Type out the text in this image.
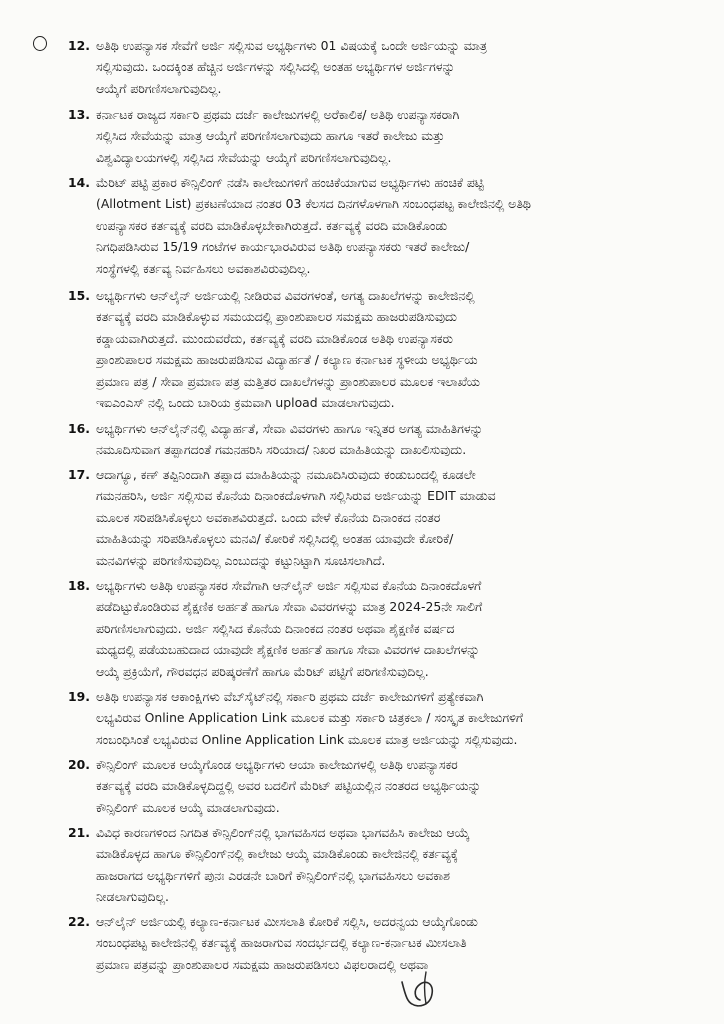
12. ಅತಿಥಿ ಉಪನ್ಯಾಸಕ ಸೇವೆಗೆ ಅರ್ಜಿ ಸಲ್ಲಿಸುವ ಅಭ್ಯರ್ಥಿಗಳು 01 ವಿಷಯಕ್ಕೆ ಒಂದೇ ಅರ್ಜಿಯನ್ನು ಮಾತ್ರ
ಸಲ್ಲಿಸುವುದು. ಒಂದಕ್ಕಿಂತ ಹೆಚ್ಚಿನ ಅರ್ಜಿಗಳನ್ನು ಸಲ್ಲಿಸಿದಲ್ಲಿ ಅಂತಹ ಅಭ್ಯರ್ಥಿಗಳ ಅರ್ಜಿಗಳನ್ನು
ಆಯ್ಕೆಗೆ ಪರಿಗಣಿಸಲಾಗುವುದಿಲ್ಲ.
13. ಕರ್ನಾಟಕ ರಾಜ್ಯದ ಸರ್ಕಾರಿ ಪ್ರಥಮ ದರ್ಜೆ ಕಾಲೇಜುಗಳಲ್ಲಿ ಅರೆಕಾಲಿಕ/ ಅತಿಥಿ ಉಪನ್ಯಾಸಕರಾಗಿ
ಸಲ್ಲಿಸಿದ ಸೇವೆಯನ್ನು ಮಾತ್ರ ಆಯ್ಕೆಗೆ ಪರಿಗಣಿಸಲಾಗುವುದು ಹಾಗೂ ಇತರೆ ಕಾಲೇಜು ಮತ್ತು
ವಿಶ್ವವಿದ್ಯಾಲಯಗಳಲ್ಲಿ ಸಲ್ಲಿಸಿದ ಸೇವೆಯನ್ನು ಆಯ್ಕೆಗೆ ಪರಿಗಣಿಸಲಾಗುವುದಿಲ್ಲ.
14. ಮೆರಿಟ್ ಪಟ್ಟಿ ಪ್ರಕಾರ ಕೌನ್ಸಿಲಿಂಗ್ ನಡೆಸಿ ಕಾಲೇಜುಗಳಿಗೆ ಹಂಚಿಕೆಯಾಗುವ ಅಭ್ಯರ್ಥಿಗಳು ಹಂಚಿಕೆ ಪಟ್ಟಿ
(Allotment List) ಪ್ರಕಟಣೆಯಾದ ನಂತರ 03 ಕೆಲಸದ ದಿನಗಳೊಳಗಾಗಿ ಸಂಬಂಧಪಟ್ಟ ಕಾಲೇಜಿನಲ್ಲಿ ಅತಿಥಿ
ಉಪನ್ಯಾಸಕರ ಕರ್ತವ್ಯಕ್ಕೆ ವರದಿ ಮಾಡಿಕೊಳ್ಳಬೇಕಾಗಿರುತ್ತದೆ. ಕರ್ತವ್ಯಕ್ಕೆ ವರದಿ ಮಾಡಿಕೊಂಡು
ನಿಗಧಿಪಡಿಸಿರುವ 15/19 ಗಂಟೆಗಳ ಕಾರ್ಯಭಾರವಿರುವ ಅತಿಥಿ ಉಪನ್ಯಾಸಕರು ಇತರೆ ಕಾಲೇಜು/
ಸಂಸ್ಥೆಗಳಲ್ಲಿ ಕರ್ತವ್ಯ ನಿರ್ವಹಿಸಲು ಅವಕಾಶವಿರುವುದಿಲ್ಲ.
15. ಅಭ್ಯರ್ಥಿಗಳು ಆನ್‌ಲೈನ್ ಅರ್ಜಿಯಲ್ಲಿ ನೀಡಿರುವ ವಿವರಗಳಂತೆ, ಅಗತ್ಯ ದಾಖಲೆಗಳನ್ನು ಕಾಲೇಜಿನಲ್ಲಿ
ಕರ್ತವ್ಯಕ್ಕೆ ವರದಿ ಮಾಡಿಕೊಳ್ಳುವ ಸಮಯದಲ್ಲಿ ಪ್ರಾಂಶುಪಾಲರ ಸಮಕ್ಷಮ ಹಾಜರುಪಡಿಸುವುದು
ಕಡ್ಡಾಯವಾಗಿರುತ್ತದೆ. ಮುಂದುವರೆದು, ಕರ್ತವ್ಯಕ್ಕೆ ವರದಿ ಮಾಡಿಕೊಂಡ ಅತಿಥಿ ಉಪನ್ಯಾಸಕರು
ಪ್ರಾಂಶುಪಾಲರ ಸಮಕ್ಷಮ ಹಾಜರುಪಡಿಸುವ ವಿದ್ಯಾರ್ಹತೆ / ಕಲ್ಯಾಣ ಕರ್ನಾಟಕ ಸ್ಥಳೀಯ ಅಭ್ಯರ್ಥಿಯ
ಪ್ರಮಾಣ ಪತ್ರ / ಸೇವಾ ಪ್ರಮಾಣ ಪತ್ರ ಮತ್ತಿತರ ದಾಖಲೆಗಳನ್ನು ಪ್ರಾಂಶುಪಾಲರ ಮೂಲಕ ಇಲಾಖೆಯ
ಇಐಎಂಎಸ್ ನಲ್ಲಿ ಒಂದು ಬಾರಿಯ ಕ್ರಮವಾಗಿ upload ಮಾಡಲಾಗುವುದು.
16. ಅಭ್ಯರ್ಥಿಗಳು ಆನ್‌ಲೈನ್‌ನಲ್ಲಿ ವಿದ್ಯಾರ್ಹತೆ, ಸೇವಾ ವಿವರಗಳು ಹಾಗೂ ಇನ್ನಿತರ ಅಗತ್ಯ ಮಾಹಿತಿಗಳನ್ನು
ನಮೂದಿಸುವಾಗ ತಪ್ಪಾಗದಂತೆ ಗಮನಹರಿಸಿ ಸರಿಯಾದ/ ನಿಖರ ಮಾಹಿತಿಯನ್ನು ದಾಖಲಿಸುವುದು.
17. ಆದಾಗ್ಯೂ, ಕಣ್ ತಪ್ಪಿನಿಂದಾಗಿ ತಪ್ಪಾದ ಮಾಹಿತಿಯನ್ನು ನಮೂದಿಸಿರುವುದು ಕಂಡುಬಂದಲ್ಲಿ ಕೂಡಲೇ
ಗಮನಹರಿಸಿ, ಅರ್ಜಿ ಸಲ್ಲಿಸುವ ಕೊನೆಯ ದಿನಾಂಕದೊಳಗಾಗಿ ಸಲ್ಲಿಸಿರುವ ಅರ್ಜಿಯನ್ನು EDIT ಮಾಡುವ
ಮೂಲಕ ಸರಿಪಡಿಸಿಕೊಳ್ಳಲು ಅವಕಾಶವಿರುತ್ತದೆ. ಒಂದು ವೇಳೆ ಕೊನೆಯ ದಿನಾಂಕದ ನಂತರ
ಮಾಹಿತಿಯನ್ನು ಸರಿಪಡಿಸಿಕೊಳ್ಳಲು ಮನವಿ/ ಕೋರಿಕೆ ಸಲ್ಲಿಸಿದಲ್ಲಿ ಅಂತಹ ಯಾವುದೇ ಕೋರಿಕೆ/
ಮನವಿಗಳನ್ನು ಪರಿಗಣಿಸುವುದಿಲ್ಲ ಎಂಬುದನ್ನು ಕಟ್ಟುನಿಟ್ಟಾಗಿ ಸೂಚಿಸಲಾಗಿದೆ.
18. ಅಭ್ಯರ್ಥಿಗಳು ಅತಿಥಿ ಉಪನ್ಯಾಸಕರ ಸೇವೆಗಾಗಿ ಆನ್‌ಲೈನ್ ಅರ್ಜಿ ಸಲ್ಲಿಸುವ ಕೊನೆಯ ದಿನಾಂಕದೊಳಗೆ
ಪಡೆದಿಟ್ಟುಕೊಂಡಿರುವ ಶೈಕ್ಷಣಿಕ ಅರ್ಹತೆ ಹಾಗೂ ಸೇವಾ ವಿವರಗಳನ್ನು ಮಾತ್ರ 2024-25ನೇ ಸಾಲಿಗೆ
ಪರಿಗಣಿಸಲಾಗುವುದು. ಅರ್ಜಿ ಸಲ್ಲಿಸಿದ ಕೊನೆಯ ದಿನಾಂಕದ ನಂತರ ಅಥವಾ ಶೈಕ್ಷಣಿಕ ವರ್ಷದ
ಮಧ್ಯದಲ್ಲಿ ಪಡೆಯಬಹುದಾದ ಯಾವುದೇ ಶೈಕ್ಷಣಿಕ ಅರ್ಹತೆ ಹಾಗೂ ಸೇವಾ ವಿವರಗಳ ದಾಖಲೆಗಳನ್ನು
ಆಯ್ಕೆ ಪ್ರಕ್ರಿಯೆಗೆ, ಗೌರವಧನ ಪರಿಷ್ಕರಣೆಗೆ ಹಾಗೂ ಮೆರಿಟ್ ಪಟ್ಟಿಗೆ ಪರಿಗಣಿಸುವುದಿಲ್ಲ.
19. ಅತಿಥಿ ಉಪನ್ಯಾಸಕ ಆಕಾಂಕ್ಷಿಗಳು ವೆಬ್‌ಸೈಟ್‌ನಲ್ಲಿ ಸರ್ಕಾರಿ ಪ್ರಥಮ ದರ್ಜೆ ಕಾಲೇಜುಗಳಿಗೆ ಪ್ರತ್ಯೇಕವಾಗಿ
ಲಭ್ಯವಿರುವ Online Application Link ಮೂಲಕ ಮತ್ತು ಸರ್ಕಾರಿ ಚಿತ್ರಕಲಾ / ಸಂಸ್ಕೃತ ಕಾಲೇಜುಗಳಿಗೆ
ಸಂಬಂಧಿಸಿಂತೆ ಲಭ್ಯವಿರುವ Online Application Link ಮೂಲಕ ಮಾತ್ರ ಅರ್ಜಿಯನ್ನು ಸಲ್ಲಿಸುವುದು.
20. ಕೌನ್ಸಿಲಿಂಗ್ ಮೂಲಕ ಆಯ್ಕೆಗೊಂಡ ಅಭ್ಯರ್ಥಿಗಳು ಆಯಾ ಕಾಲೇಜುಗಳಲ್ಲಿ ಅತಿಥಿ ಉಪನ್ಯಾಸಕರ
ಕರ್ತವ್ಯಕ್ಕೆ ವರದಿ ಮಾಡಿಕೊಳ್ಳದಿದ್ದಲ್ಲಿ ಅವರ ಬದಲಿಗೆ ಮೆರಿಟ್ ಪಟ್ಟಿಯಲ್ಲಿನ ನಂತರದ ಅಭ್ಯರ್ಥಿಯನ್ನು
ಕೌನ್ಸಿಲಿಂಗ್ ಮೂಲಕ ಆಯ್ಕೆ ಮಾಡಲಾಗುವುದು.
21. ವಿವಿಧ ಕಾರಣಗಳಿಂದ ನಿಗದಿತ ಕೌನ್ಸಿಲಿಂಗ್‌ನಲ್ಲಿ ಭಾಗವಹಿಸದ ಅಥವಾ ಭಾಗವಹಿಸಿ ಕಾಲೇಜು ಆಯ್ಕೆ
ಮಾಡಿಕೊಳ್ಳದ ಹಾಗೂ ಕೌನ್ಸಿಲಿಂಗ್‌ನಲ್ಲಿ ಕಾಲೇಜು ಆಯ್ಕೆ ಮಾಡಿಕೊಂಡು ಕಾಲೇಜಿನಲ್ಲಿ ಕರ್ತವ್ಯಕ್ಕೆ
ಹಾಜರಾಗದ ಅಭ್ಯರ್ಥಿಗಳಿಗೆ ಪುನಃ ಎರಡನೇ ಬಾರಿಗೆ ಕೌನ್ಸಿಲಿಂಗ್‌ನಲ್ಲಿ ಭಾಗವಹಿಸಲು ಅವಕಾಶ
ನೀಡಲಾಗುವುದಿಲ್ಲ.
22. ಆನ್‌ಲೈನ್ ಅರ್ಜಿಯಲ್ಲಿ ಕಲ್ಯಾಣ-ಕರ್ನಾಟಕ ಮೀಸಲಾತಿ ಕೋರಿಕೆ ಸಲ್ಲಿಸಿ, ಅದರನ್ವಯ ಆಯ್ಕೆಗೊಂಡು
ಸಂಬಂಧಪಟ್ಟ ಕಾಲೇಜಿನಲ್ಲಿ ಕರ್ತವ್ಯಕ್ಕೆ ಹಾಜರಾಗುವ ಸಂದರ್ಭದಲ್ಲಿ ಕಲ್ಯಾಣ-ಕರ್ನಾಟಕ ಮೀಸಲಾತಿ
ಪ್ರಮಾಣ ಪತ್ರವನ್ನು ಪ್ರಾಂಶುಪಾಲರ ಸಮಕ್ಷಮ ಹಾಜರುಪಡಿಸಲು ವಿಫಲರಾದಲ್ಲಿ ಅಥವಾ
